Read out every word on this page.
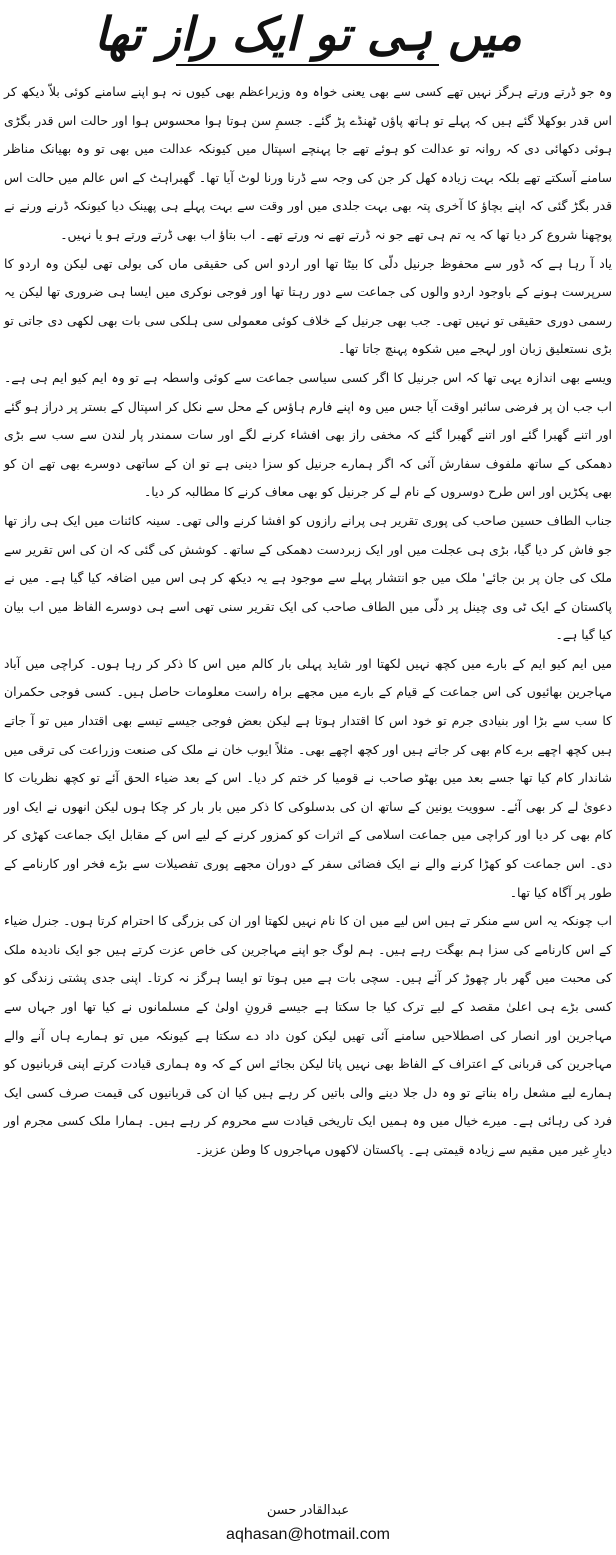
میں ہی تو ایک راز تھا

وہ جو ڈرتے ورتے ہرگز نہیں تھے کسی سے بھی یعنی خواہ وہ وزیراعظم بھی کیوں نہ ہو اپنے سامنے کوئی بلاّ دیکھ کر اس قدر بوکھلا گئے ہیں کہ پہلے تو ہاتھ پاؤں ٹھنڈے پڑ گئے۔ جسمِ سن ہوتا ہوا محسوس ہوا اور حالت اس قدر بگڑی ہوئی دکھائی دی کہ روانہ تو عدالت کو ہوئے تھے جا پہنچے اسپتال میں کیونکہ عدالت میں بھی تو وہ بھیانک مناظر سامنے آسکتے تھے بلکہ بہت زیادہ کھل کر جن کی وجہ سے ڈرنا ورنا لوٹ آیا تھا۔ گھبراہٹ کے اس عالم میں حالت اس قدر بگڑ گئی کہ اپنے بچاؤ کا آخری پتہ بھی بہت جلدی میں اور وقت سے بہت پہلے ہی پھینک دیا کیونکہ ڈرنے ورنے نے پوچھنا شروع کر دیا تھا کہ یہ تم ہی تھے جو نہ ڈرتے تھے نہ ورتے تھے۔ اب بتاؤ اب بھی ڈرتے ورتے ہو یا نہیں۔

یاد آ رہا ہے کہ ڈور سے محفوظ جرنیل دلّی کا بیٹا تھا اور اردو اس کی حقیقی ماں کی بولی تھی لیکن وہ اردو کا سرپرست ہونے کے باوجود اردو والوں کی جماعت سے دور رہتا تھا اور فوجی نوکری میں ایسا ہی ضروری تھا لیکن یہ رسمی دوری حقیقی تو نہیں تھی۔ جب بھی جرنیل کے خلاف کوئی معمولی سی ہلکی سی بات بھی لکھی دی جاتی تو بڑی نستعلیق زبان اور لہجے میں شکوہ پہنچ جاتا تھا۔

ویسے بھی اندازہ یہی تھا کہ اس جرنیل کا اگر کسی سیاسی جماعت سے کوئی واسطہ ہے تو وہ ایم کیو ایم ہی ہے۔ اب جب ان پر فرضی سائبر اوقت آیا جس میں وہ اپنے فارم ہاؤس کے محل سے نکل کر اسپتال کے بستر پر دراز ہو گئے اور اتنے گھبرا گئے اور اتنے گھبرا گئے کہ مخفی راز بھی افشاء کرنے لگے اور سات سمندر پار لندن سے سب سے بڑی دھمکی کے ساتھ ملفوف سفارش آئی کہ اگر ہمارے جرنیل کو سزا دینی ہے تو ان کے ساتھی دوسرے بھی تھے ان کو بھی پکڑیں اور اس طرح دوسروں کے نام لے کر جرنیل کو بھی معاف کرنے کا مطالبہ کر دیا۔

جناب الطاف حسین صاحب کی پوری تقریر ہی پرانے رازوں کو افشا کرنے والی تھی۔ سینہ کائنات میں ایک ہی راز تھا جو فاش کر دیا گیا، بڑی ہی عجلت میں اور ایک زبردست دھمکی کے ساتھ۔ کوشش کی گئی کہ ان کی اس تقریر سے ملک کی جان پر بن جائے' ملک میں جو انتشار پہلے سے موجود ہے یہ دیکھ کر ہی اس میں اضافہ کیا گیا ہے۔ میں نے پاکستان کے ایک ٹی وی چینل پر دلّی میں الطاف صاحب کی ایک تقریر سنی تھی اسے ہی دوسرے الفاظ میں اب بیان کیا گیا ہے۔

میں ایم کیو ایم کے بارے میں کچھ نہیں لکھتا اور شاید پہلی بار کالم میں اس کا ذکر کر رہا ہوں۔ کراچی میں آباد مہاجرین بھائیوں کی اس جماعت کے قیام کے بارے میں مجھے براہ راست معلومات حاصل ہیں۔ کسی فوجی حکمران کا سب سے بڑا اور بنیادی جرم تو خود اس کا اقتدار ہوتا ہے لیکن بعض فوجی جیسے تیسے بھی اقتدار میں تو آ جاتے ہیں کچھ اچھے برے کام بھی کر جاتے ہیں اور کچھ اچھے بھی۔ مثلاً ایوب خان نے ملک کی صنعت وزراعت کی ترقی میں شاندار کام کیا تھا جسے بعد میں بھٹو صاحب نے قومیا کر ختم کر دیا۔ اس کے بعد ضیاء الحق آئے تو کچھ نظریات کا دعویٰ لے کر بھی آئے۔ سوویت یونین کے ساتھ ان کی بدسلوکی کا ذکر میں بار بار کر چکا ہوں لیکن انھوں نے ایک اور کام بھی کر دیا اور کراچی میں جماعت اسلامی کے اثرات کو کمزور کرنے کے لیے اس کے مقابل ایک جماعت کھڑی کر دی۔ اس جماعت کو کھڑا کرنے والے نے ایک فضائی سفر کے دوران مجھے پوری تفصیلات سے بڑے فخر اور کارنامے کے طور پر آگاہ کیا تھا۔

اب چونکہ یہ اس سے منکر تے ہیں اس لیے میں ان کا نام نہیں لکھتا اور ان کی بزرگی کا احترام کرتا ہوں۔ جنرل ضیاء کے اس کارنامے کی سزا ہم بھگت رہے ہیں۔ ہم لوگ جو اپنے مہاجرین کی خاص عزت کرتے ہیں جو ایک نادیدہ ملک کی محبت میں گھر بار چھوڑ کر آئے ہیں۔ سچی بات ہے میں ہوتا تو ایسا ہرگز نہ کرتا۔ اپنی جدی پشتی زندگی کو کسی بڑے ہی اعلیٰ مقصد کے لیے ترک کیا جا سکتا ہے جیسے قرونِ اولیٰ کے مسلمانوں نے کیا تھا اور جہاں سے مہاجرین اور انصار کی اصطلاحیں سامنے آئی تھیں لیکن کون داد دے سکتا ہے کیونکہ میں تو ہمارے ہاں آنے والے مہاجرین کی قربانی کے اعتراف کے الفاظ بھی نہیں پاتا لیکن بجائے اس کے کہ وہ ہماری قیادت کرتے اپنی قربانیوں کو ہمارے لیے مشعل راہ بناتے تو وہ دل جلا دینے والی باتیں کر رہے ہیں کیا ان کی قربانیوں کی قیمت صرف کسی ایک فرد کی رہائی ہے۔ میرے خیال میں وہ ہمیں ایک تاریخی قیادت سے محروم کر رہے ہیں۔ ہمارا ملک کسی مجرم اور دیارِ غیر میں مقیم سے زیادہ قیمتی ہے۔ پاکستان لاکھوں مہاجروں کا وطن عزیز۔

عبدالقادر حسن
aqhasan@hotmail.com
